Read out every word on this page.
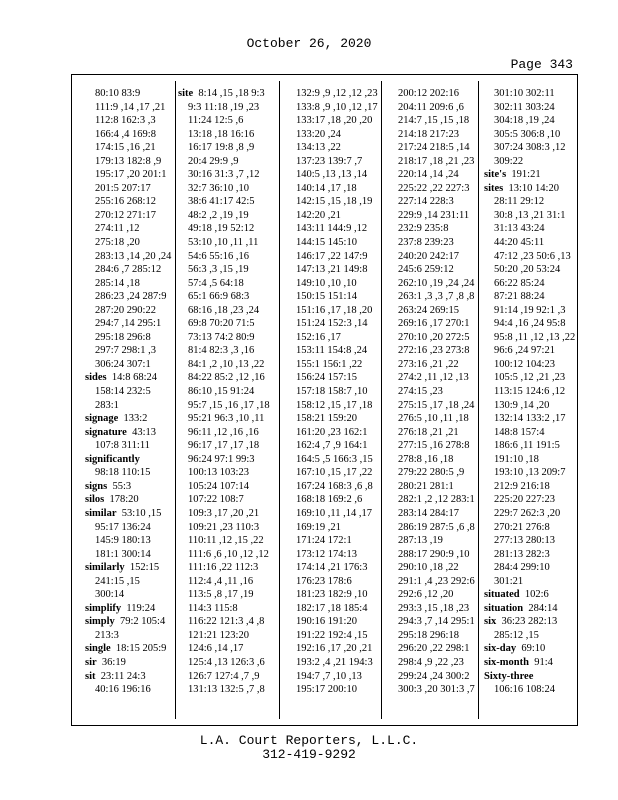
October 26, 2020
Page 343
80:10 83:9
111:9 ,14 ,17 ,21
112:8 162:3 ,3
166:4 ,4 169:8
174:15 ,16 ,21
179:13 182:8 ,9
195:17 ,20 201:1
201:5 207:17
255:16 268:12
270:12 271:17
274:11 ,12
275:18 ,20
283:13 ,14 ,20 ,24
284:6 ,7 285:12
285:14 ,18
286:23 ,24 287:9
287:20 290:22
294:7 ,14 295:1
295:18 296:8
297:7 298:1 ,3
306:24 307:1
sides 14:8 68:24
158:14 232:5
283:1
signage 133:2
signature 43:13
107:8 311:11
significantly
98:18 110:15
signs 55:3
silos 178:20
similar 53:10 ,15
95:17 136:24
145:9 180:13
181:1 300:14
similarly 152:15
241:15 ,15
300:14
simplify 119:24
simply 79:2 105:4
213:3
single 18:15 205:9
sir 36:19
sit 23:11 24:3
40:16 196:16
site 8:14 ,15 ,18 9:3
9:3 11:18 ,19 ,23
11:24 12:5 ,6
13:18 ,18 16:16
16:17 19:8 ,8 ,9
20:4 29:9 ,9
30:16 31:3 ,7 ,12
32:7 36:10 ,10
38:6 41:17 42:5
48:2 ,2 ,19 ,19
49:18 ,19 52:12
53:10 ,10 ,11 ,11
54:6 55:16 ,16
56:3 ,3 ,15 ,19
57:4 ,5 64:18
65:1 66:9 68:3
68:16 ,18 ,23 ,24
69:8 70:20 71:5
73:13 74:2 80:9
81:4 82:3 ,3 ,16
84:1 ,2 ,10 ,13 ,22
84:22 85:2 ,12 ,16
86:10 ,15 91:24
95:7 ,15 ,16 ,17 ,18
95:21 96:3 ,10 ,11
96:11 ,12 ,16 ,16
96:17 ,17 ,17 ,18
96:24 97:1 99:3
100:13 103:23
105:24 107:14
107:22 108:7
109:3 ,17 ,20 ,21
109:21 ,23 110:3
110:11 ,12 ,15 ,22
111:6 ,6 ,10 ,12 ,12
111:16 ,22 112:3
112:4 ,4 ,11 ,16
113:5 ,8 ,17 ,19
114:3 115:8
116:22 121:3 ,4 ,8
121:21 123:20
124:6 ,14 ,17
125:4 ,13 126:3 ,6
126:7 127:4 ,7 ,9
131:13 132:5 ,7 ,8
132:9 ,9 ,12 ,12 ,23
133:8 ,9 ,10 ,12 ,17
133:17 ,18 ,20 ,20
133:20 ,24
134:13 ,22
137:23 139:7 ,7
140:5 ,13 ,13 ,14
140:14 ,17 ,18
142:15 ,15 ,18 ,19
142:20 ,21
143:11 144:9 ,12
144:15 145:10
146:17 ,22 147:9
147:13 ,21 149:8
149:10 ,10 ,10
150:15 151:14
151:16 ,17 ,18 ,20
151:24 152:3 ,14
152:16 ,17
153:11 154:8 ,24
155:1 156:1 ,22
156:24 157:15
157:18 158:7 ,10
158:12 ,15 ,17 ,18
158:21 159:20
161:20 ,23 162:1
162:4 ,7 ,9 164:1
164:5 ,5 166:3 ,15
167:10 ,15 ,17 ,22
167:24 168:3 ,6 ,8
168:18 169:2 ,6
169:10 ,11 ,14 ,17
169:19 ,21
171:24 172:1
173:12 174:13
174:14 ,21 176:3
176:23 178:6
181:23 182:9 ,10
182:17 ,18 185:4
190:16 191:20
191:22 192:4 ,15
192:16 ,17 ,20 ,21
193:2 ,4 ,21 194:3
194:7 ,7 ,10 ,13
195:17 200:10
200:12 202:16
204:11 209:6 ,6
214:7 ,15 ,15 ,18
214:18 217:23
217:24 218:5 ,14
218:17 ,18 ,21 ,23
220:14 ,14 ,24
225:22 ,22 227:3
227:14 228:3
229:9 ,14 231:11
232:9 235:8
237:8 239:23
240:20 242:17
245:6 259:12
262:10 ,19 ,24 ,24
263:1 ,3 ,3 ,7 ,8 ,8
263:24 269:15
269:16 ,17 270:1
270:10 ,20 272:5
272:16 ,23 273:8
273:16 ,21 ,22
274:2 ,11 ,12 ,13
274:15 ,23
275:15 ,17 ,18 ,24
276:5 ,10 ,11 ,18
276:18 ,21 ,21
277:15 ,16 278:8
278:8 ,16 ,18
279:22 280:5 ,9
280:21 281:1
282:1 ,2 ,12 283:1
283:14 284:17
286:19 287:5 ,6 ,8
287:13 ,19
288:17 290:9 ,10
290:10 ,18 ,22
291:1 ,4 ,23 292:6
292:6 ,12 ,20
293:3 ,15 ,18 ,23
294:3 ,7 ,14 295:1
295:18 296:18
296:20 ,22 298:1
298:4 ,9 ,22 ,23
299:24 ,24 300:2
300:3 ,20 301:3 ,7
301:10 302:11
302:11 303:24
304:18 ,19 ,24
305:5 306:8 ,10
307:24 308:3 ,12
309:22
site's 191:21
sites 13:10 14:20
28:11 29:12
30:8 ,13 ,21 31:1
31:13 43:24
44:20 45:11
47:12 ,23 50:6 ,13
50:20 ,20 53:24
66:22 85:24
87:21 88:24
91:14 ,19 92:1 ,3
94:4 ,16 ,24 95:8
95:8 ,11 ,12 ,13 ,22
96:6 ,24 97:21
100:12 104:23
105:5 ,12 ,21 ,23
113:15 124:6 ,12
130:9 ,14 ,20
132:14 133:2 ,17
148:8 157:4
186:6 ,11 191:5
191:10 ,18
193:10 ,13 209:7
212:9 216:18
225:20 227:23
229:7 262:3 ,20
270:21 276:8
277:13 280:13
281:13 282:3
284:4 299:10
301:21
situated 102:6
situation 284:14
six 36:23 282:13
285:12 ,15
six-day 69:10
six-month 91:4
Sixty-three
106:16 108:24
L.A. Court Reporters, L.L.C.
312-419-9292
